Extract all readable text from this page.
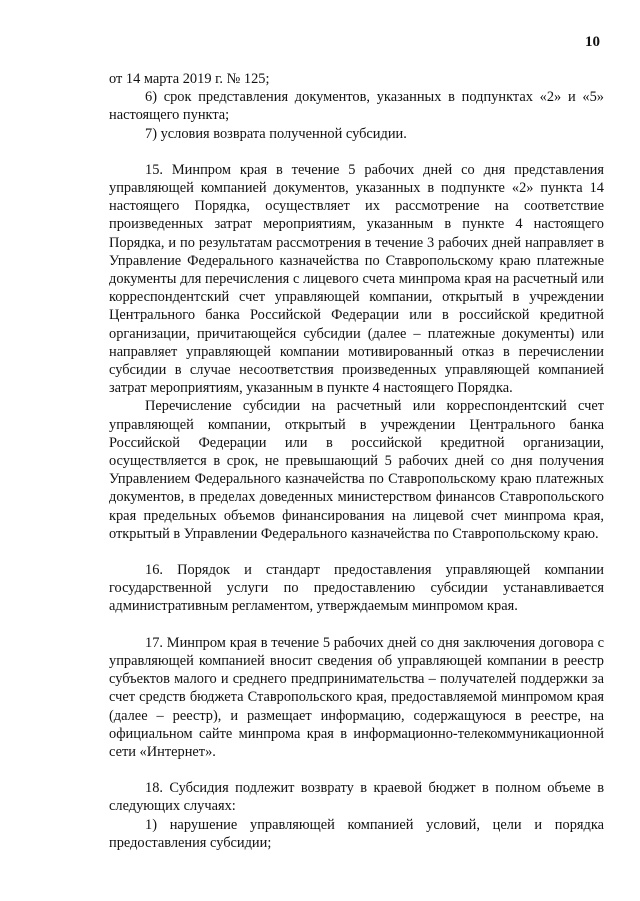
10

от 14 марта 2019 г. № 125;

6) срок представления документов, указанных в подпунктах «2» и «5» настоящего пункта;

7) условия возврата полученной субсидии.

15. Минпром края в течение 5 рабочих дней со дня представления управляющей компанией документов, указанных в подпункте «2» пункта 14 настоящего Порядка, осуществляет их рассмотрение на соответствие произведенных затрат мероприятиям, указанным в пункте 4 настоящего Порядка, и по результатам рассмотрения в течение 3 рабочих дней направляет в Управление Федерального казначейства по Ставропольскому краю платежные документы для перечисления с лицевого счета минпрома края на расчетный или корреспондентский счет управляющей компании, открытый в учреждении Центрального банка Российской Федерации или в российской кредитной организации, причитающейся субсидии (далее – платежные документы) или направляет управляющей компании мотивированный отказ в перечислении субсидии в случае несоответствия произведенных управляющей компанией затрат мероприятиям, указанным в пункте 4 настоящего Порядка.

Перечисление субсидии на расчетный или корреспондентский счет управляющей компании, открытый в учреждении Центрального банка Российской Федерации или в российской кредитной организации, осуществляется в срок, не превышающий 5 рабочих дней со дня получения Управлением Федерального казначейства по Ставропольскому краю платежных документов, в пределах доведенных министерством финансов Ставропольского края предельных объемов финансирования на лицевой счет минпрома края, открытый в Управлении Федерального казначейства по Ставропольскому краю.

16. Порядок и стандарт предоставления управляющей компании государственной услуги по предоставлению субсидии устанавливается административным регламентом, утверждаемым минпромом края.

17. Минпром края в течение 5 рабочих дней со дня заключения договора с управляющей компанией вносит сведения об управляющей компании в реестр субъектов малого и среднего предпринимательства – получателей поддержки за счет средств бюджета Ставропольского края, предоставляемой минпромом края (далее – реестр), и размещает информацию, содержащуюся в реестре, на официальном сайте минпрома края в информационно-телекоммуникационной сети «Интернет».

18. Субсидия подлежит возврату в краевой бюджет в полном объеме в следующих случаях:

1) нарушение управляющей компанией условий, цели и порядка предоставления субсидии;
